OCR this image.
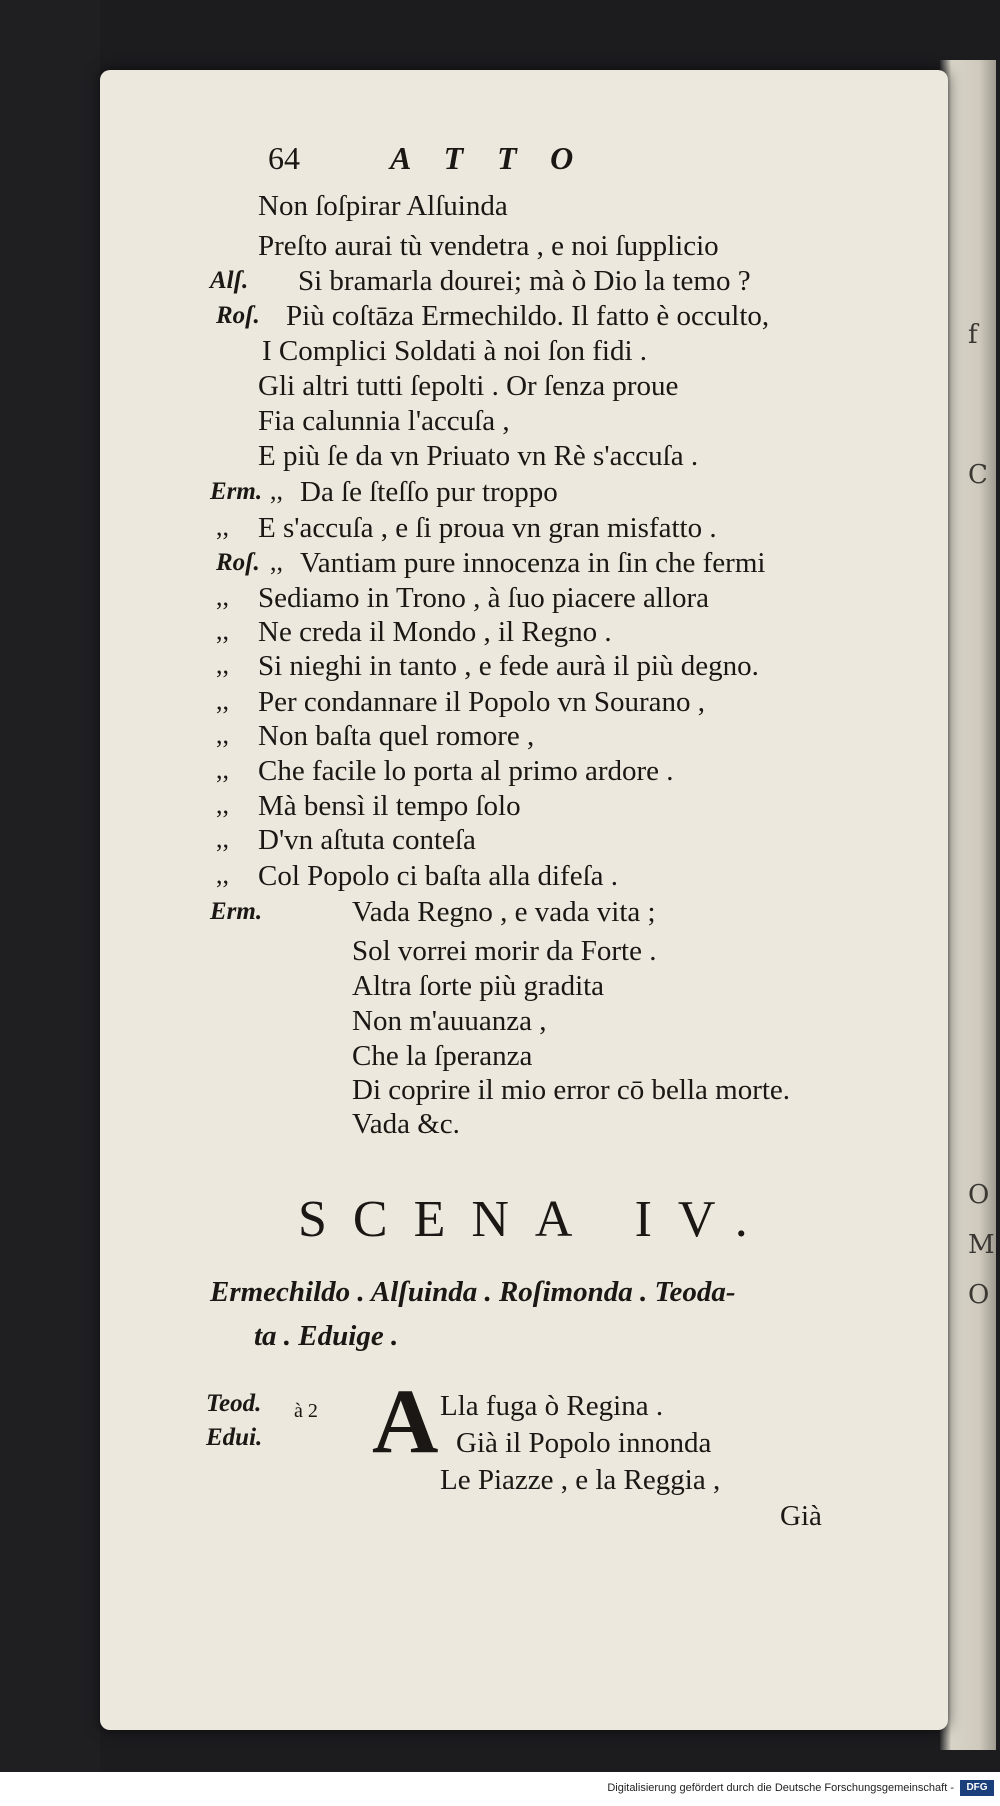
f
C
O
M
O
64	ATTO
Non ſoſpirar Alſuinda
Preſto aurai tù vendetra , e noi ſupplicio
Alſ. Si bramarla dourei; mà ò Dio la temo ?
Roſ. Più coſtāza Ermechildo. Il fatto è occulto,
I Complici Soldati à noi ſon fidi .
Gli altri tutti ſepolti . Or ſenza proue
Fia calunnia l'accuſa ,
E più ſe da vn Priuato vn Rè s'accuſa .
Erm. ,, Da ſe ſteſſo pur troppo
,, E s'accuſa , e ſi proua vn gran misfatto .
Roſ. ,, Vantiam pure innocenza in ſin che fermi
,, Sediamo in Trono , à ſuo piacere allora
,, Ne creda il Mondo , il Regno .
,, Si nieghi in tanto , e fede aurà il più degno.
,, Per condannare il Popolo vn Sourano ,
,, Non baſta quel romore ,
,, Che facile lo porta al primo ardore .
,, Mà bensì il tempo ſolo
,, D'vn aſtuta conteſa
,, Col Popolo ci baſta alla difeſa .
Erm.	Vada Regno , e vada vita ;
Sol vorrei morir da Forte .
Altra ſorte più gradita
Non m'auuanza ,
Che la ſperanza
Di coprire il mio error cō bella morte.
Vada &c.
SCENA IV.
Ermechildo . Alſuinda . Roſimonda . Teoda-
ta . Eduige .
Teod.
Edui.
à 2 A Lla fuga ò Regina .
Già il Popolo innonda
Le Piazze , e la Reggia ,
Già
Digitalisierung gefördert durch die Deutsche Forschungsgemeinschaft -	DFG
